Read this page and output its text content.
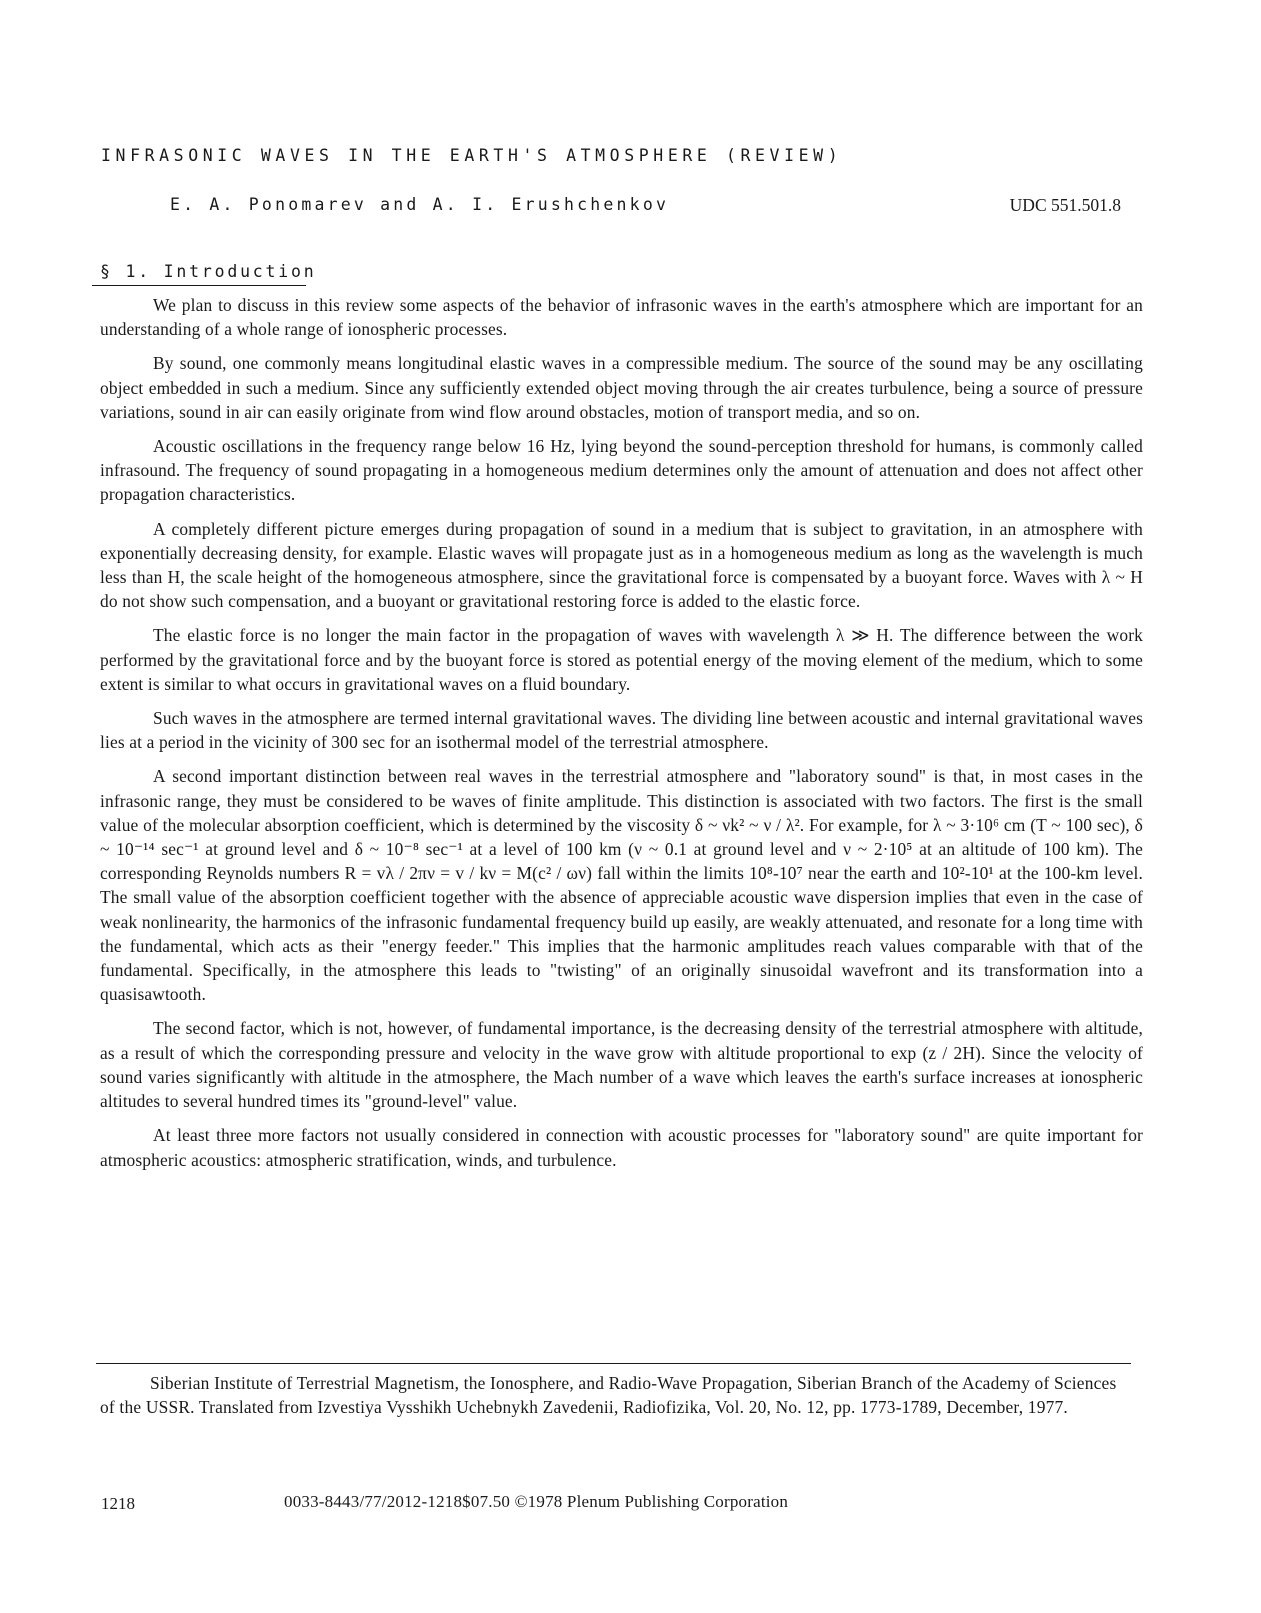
INFRASONIC WAVES IN THE EARTH'S ATMOSPHERE (REVIEW)
E. A. Ponomarev and A. I. Erushchenkov	UDC 551.501.8
§ 1. Introduction

We plan to discuss in this review some aspects of the behavior of infrasonic waves in the earth's atmosphere which are important for an understanding of a whole range of ionospheric processes.

By sound, one commonly means longitudinal elastic waves in a compressible medium. The source of the sound may be any oscillating object embedded in such a medium. Since any sufficiently extended object moving through the air creates turbulence, being a source of pressure variations, sound in air can easily originate from wind flow around obstacles, motion of transport media, and so on.

Acoustic oscillations in the frequency range below 16 Hz, lying beyond the sound-perception threshold for humans, is commonly called infrasound. The frequency of sound propagating in a homogeneous medium determines only the amount of attenuation and does not affect other propagation characteristics.

A completely different picture emerges during propagation of sound in a medium that is subject to gravitation, in an atmosphere with exponentially decreasing density, for example. Elastic waves will propagate just as in a homogeneous medium as long as the wavelength is much less than H, the scale height of the homogeneous atmosphere, since the gravitational force is compensated by a buoyant force. Waves with λ ~ H do not show such compensation, and a buoyant or gravitational restoring force is added to the elastic force.

The elastic force is no longer the main factor in the propagation of waves with wavelength λ ≫ H. The difference between the work performed by the gravitational force and by the buoyant force is stored as potential energy of the moving element of the medium, which to some extent is similar to what occurs in gravitational waves on a fluid boundary.

Such waves in the atmosphere are termed internal gravitational waves. The dividing line between acoustic and internal gravitational waves lies at a period in the vicinity of 300 sec for an isothermal model of the terrestrial atmosphere.

A second important distinction between real waves in the terrestrial atmosphere and "laboratory sound" is that, in most cases in the infrasonic range, they must be considered to be waves of finite amplitude. This distinction is associated with two factors. The first is the small value of the molecular absorption coefficient, which is determined by the viscosity δ ~ νk² ~ ν / λ². For example, for λ ~ 3·10⁶ cm (T ~ 100 sec), δ ~ 10⁻¹⁴ sec⁻¹ at ground level and δ ~ 10⁻⁸ sec⁻¹ at a level of 100 km (ν ~ 0.1 at ground level and ν ~ 2·10⁵ at an altitude of 100 km). The corresponding Reynolds numbers R = vλ / 2πν = v / kν = M(c² / ων) fall within the limits 10⁸-10⁷ near the earth and 10²-10¹ at the 100-km level. The small value of the absorption coefficient together with the absence of appreciable acoustic wave dispersion implies that even in the case of weak nonlinearity, the harmonics of the infrasonic fundamental frequency build up easily, are weakly attenuated, and resonate for a long time with the fundamental, which acts as their "energy feeder." This implies that the harmonic amplitudes reach values comparable with that of the fundamental. Specifically, in the atmosphere this leads to "twisting" of an originally sinusoidal wavefront and its transformation into a quasisawtooth.

The second factor, which is not, however, of fundamental importance, is the decreasing density of the terrestrial atmosphere with altitude, as a result of which the corresponding pressure and velocity in the wave grow with altitude proportional to exp (z / 2H). Since the velocity of sound varies significantly with altitude in the atmosphere, the Mach number of a wave which leaves the earth's surface increases at ionospheric altitudes to several hundred times its "ground-level" value.

At least three more factors not usually considered in connection with acoustic processes for "laboratory sound" are quite important for atmospheric acoustics: atmospheric stratification, winds, and turbulence.

Siberian Institute of Terrestrial Magnetism, the Ionosphere, and Radio-Wave Propagation, Siberian Branch of the Academy of Sciences of the USSR. Translated from Izvestiya Vysshikh Uchebnykh Zavedenii, Radiofizika, Vol. 20, No. 12, pp. 1773-1789, December, 1977.
1218	0033-8443/77/2012-1218$07.50 ©1978 Plenum Publishing Corporation
